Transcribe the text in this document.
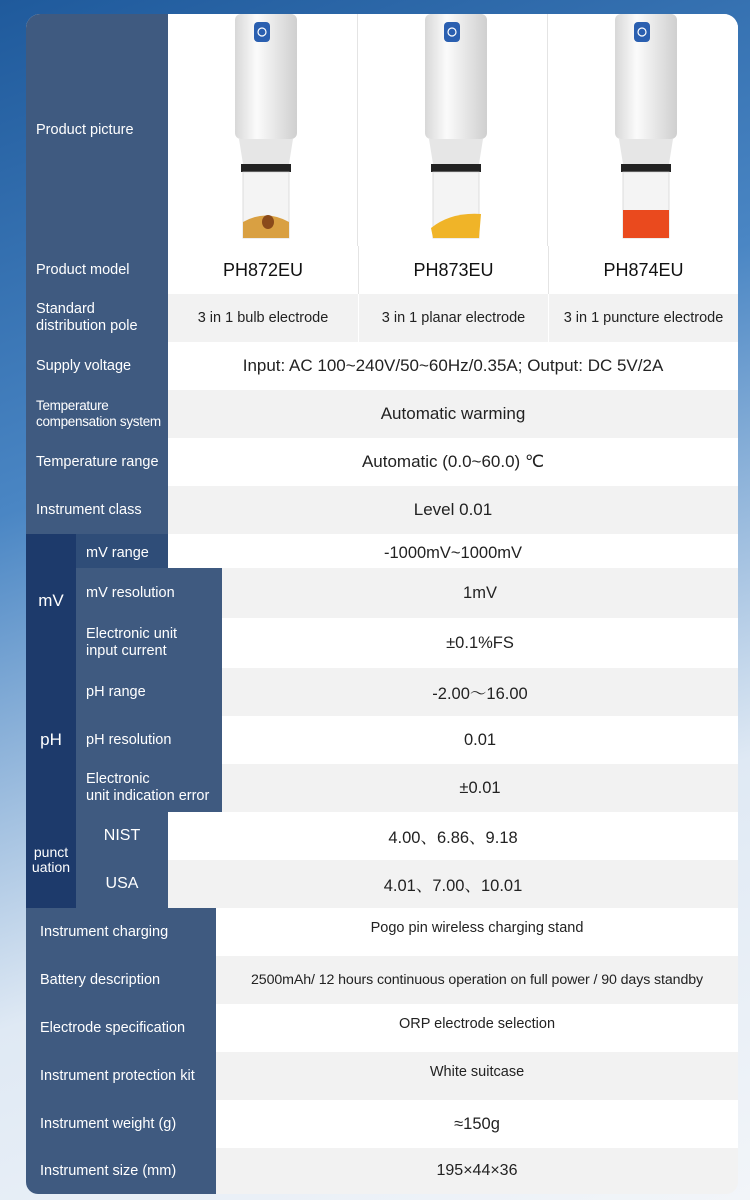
Product picture
Product model	PH872EU	PH873EU	PH874EU
Standard
distribution pole	3 in 1 bulb electrode	3 in 1 planar electrode	3 in 1 puncture electrode
Supply voltage	Input: AC 100~240V/50~60Hz/0.35A; Output: DC 5V/2A
Temperature
compensation system	Automatic warming
Temperature range	Automatic (0.0~60.0) ℃
Instrument class	Level 0.01
mV
mV range	-1000mV~1000mV
mV resolution	1mV
Electronic unit
input current	±0.1%FS
pH
pH range	-2.00～16.00
pH resolution	0.01
Electronic
unit indication error	±0.01
punct
uation
NIST	4.00、6.86、9.18
USA	4.01、7.00、10.01
Instrument charging	Pogo pin wireless charging stand
Battery description	2500mAh/ 12 hours continuous operation on full power / 90 days standby
Electrode specification	ORP electrode selection
Instrument protection kit	White suitcase
Instrument weight (g)	≈150g
Instrument size (mm)	195×44×36
